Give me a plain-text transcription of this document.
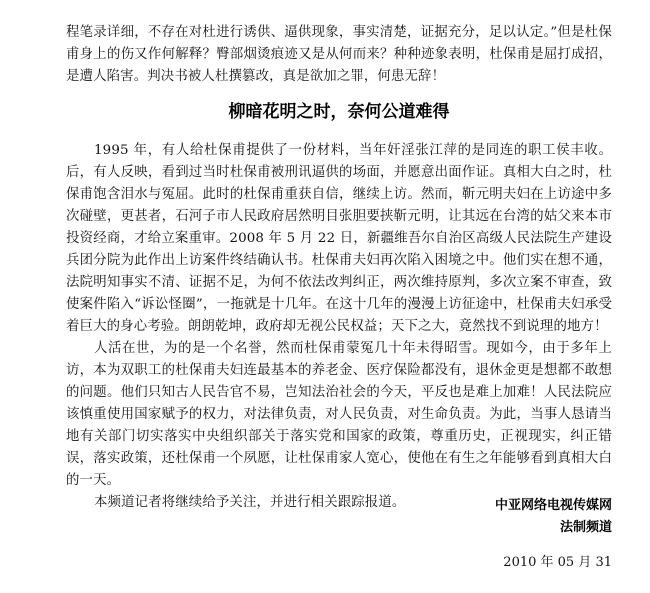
程笔录详细，不存在对杜进行诱供、逼供现象，事实清楚，证据充分，足以认定。”但是杜保甫身上的伤又作何解释？臀部烟烫痕迹又是从何而来？种种迹象表明，杜保甫是屈打成招，是遭人陷害。判决书被人杜撰篡改，真是欲加之罪，何患无辞！

柳暗花明之时，奈何公道难得

1995 年，有人给杜保甫提供了一份材料，当年奸淫张江萍的是同连的职工侯丰收。后，有人反映，看到过当时杜保甫被刑讯逼供的场面，并愿意出面作证。真相大白之时，杜保甫饱含泪水与冤屈。此时的杜保甫重获自信，继续上访。然而，靳元明夫妇在上访途中多次碰壁，更甚者，石河子市人民政府居然明目张胆要挟靳元明，让其远在台湾的姑父来本市投资经商，才给立案重审。2008 年 5 月 22 日，新疆维吾尔自治区高级人民法院生产建设兵团分院为此作出上访案件终结确认书。杜保甫夫妇再次陷入困境之中。他们实在想不通，法院明知事实不清、证据不足，为何不依法改判纠正，两次维持原判，多次立案不审查，致使案件陷入“诉讼怪圈”，一拖就是十几年。在这十几年的漫漫上访征途中，杜保甫夫妇承受着巨大的身心考验。朗朗乾坤，政府却无视公民权益；天下之大，竟然找不到说理的地方！

人活在世，为的是一个名誉，然而杜保甫蒙冤几十年未得昭雪。现如今，由于多年上访，本为双职工的杜保甫夫妇连最基本的养老金、医疗保险都没有，退休金更是想都不敢想的问题。他们只知古人民告官不易，岂知法治社会的今天，平反也是难上加难！人民法院应该慎重使用国家赋予的权力，对法律负责，对人民负责，对生命负责。为此，当事人恳请当地有关部门切实落实中央组织部关于落实党和国家的政策，尊重历史，正视现实，纠正错误，落实政策，还杜保甫一个夙愿，让杜保甫家人宽心，使他在有生之年能够看到真相大白的一天。

本频道记者将继续给予关注，并进行相关跟踪报道。	中亚网络电视传媒网
法制频道
2010 年 05 月 31
